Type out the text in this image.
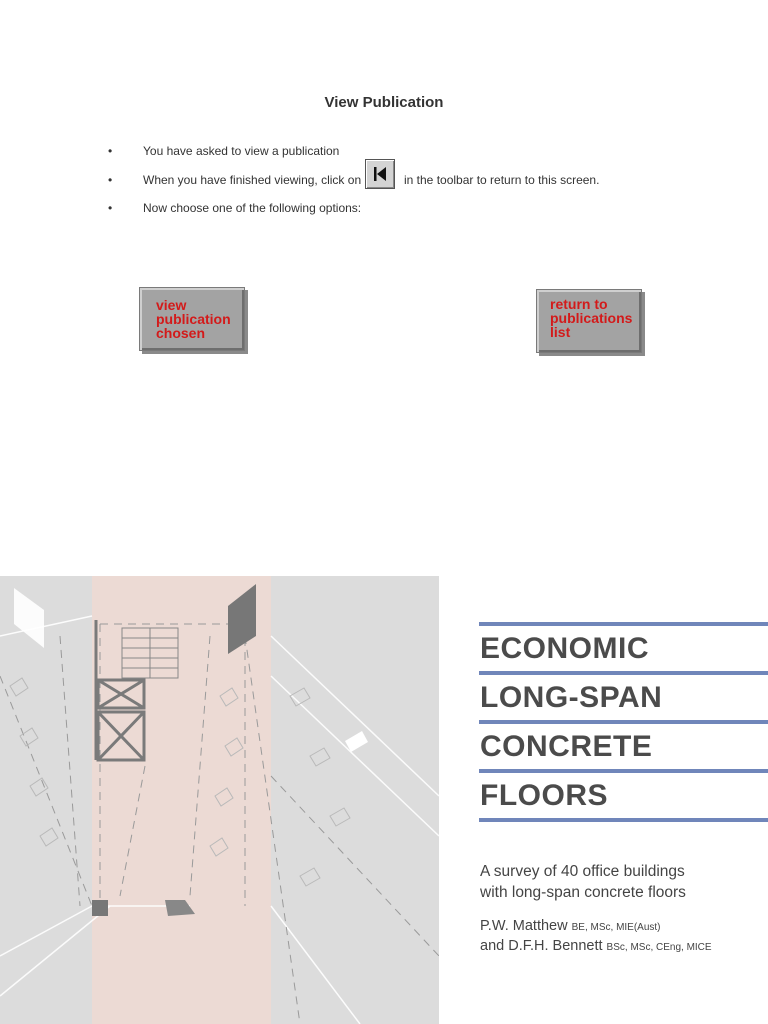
View Publication
•	You have asked to view a publication
•	When you have finished viewing, click on	in the toolbar to return to this screen.
•	Now choose one of the following options:
view
publication
chosen
return to
publications
list
ECONOMIC
LONG-SPAN
CONCRETE
FLOORS
A survey of 40 office buildings
with long-span concrete floors
P.W. Matthew BE, MSc, MIE(Aust)
and D.F.H. Bennett BSc, MSc, CEng, MICE
